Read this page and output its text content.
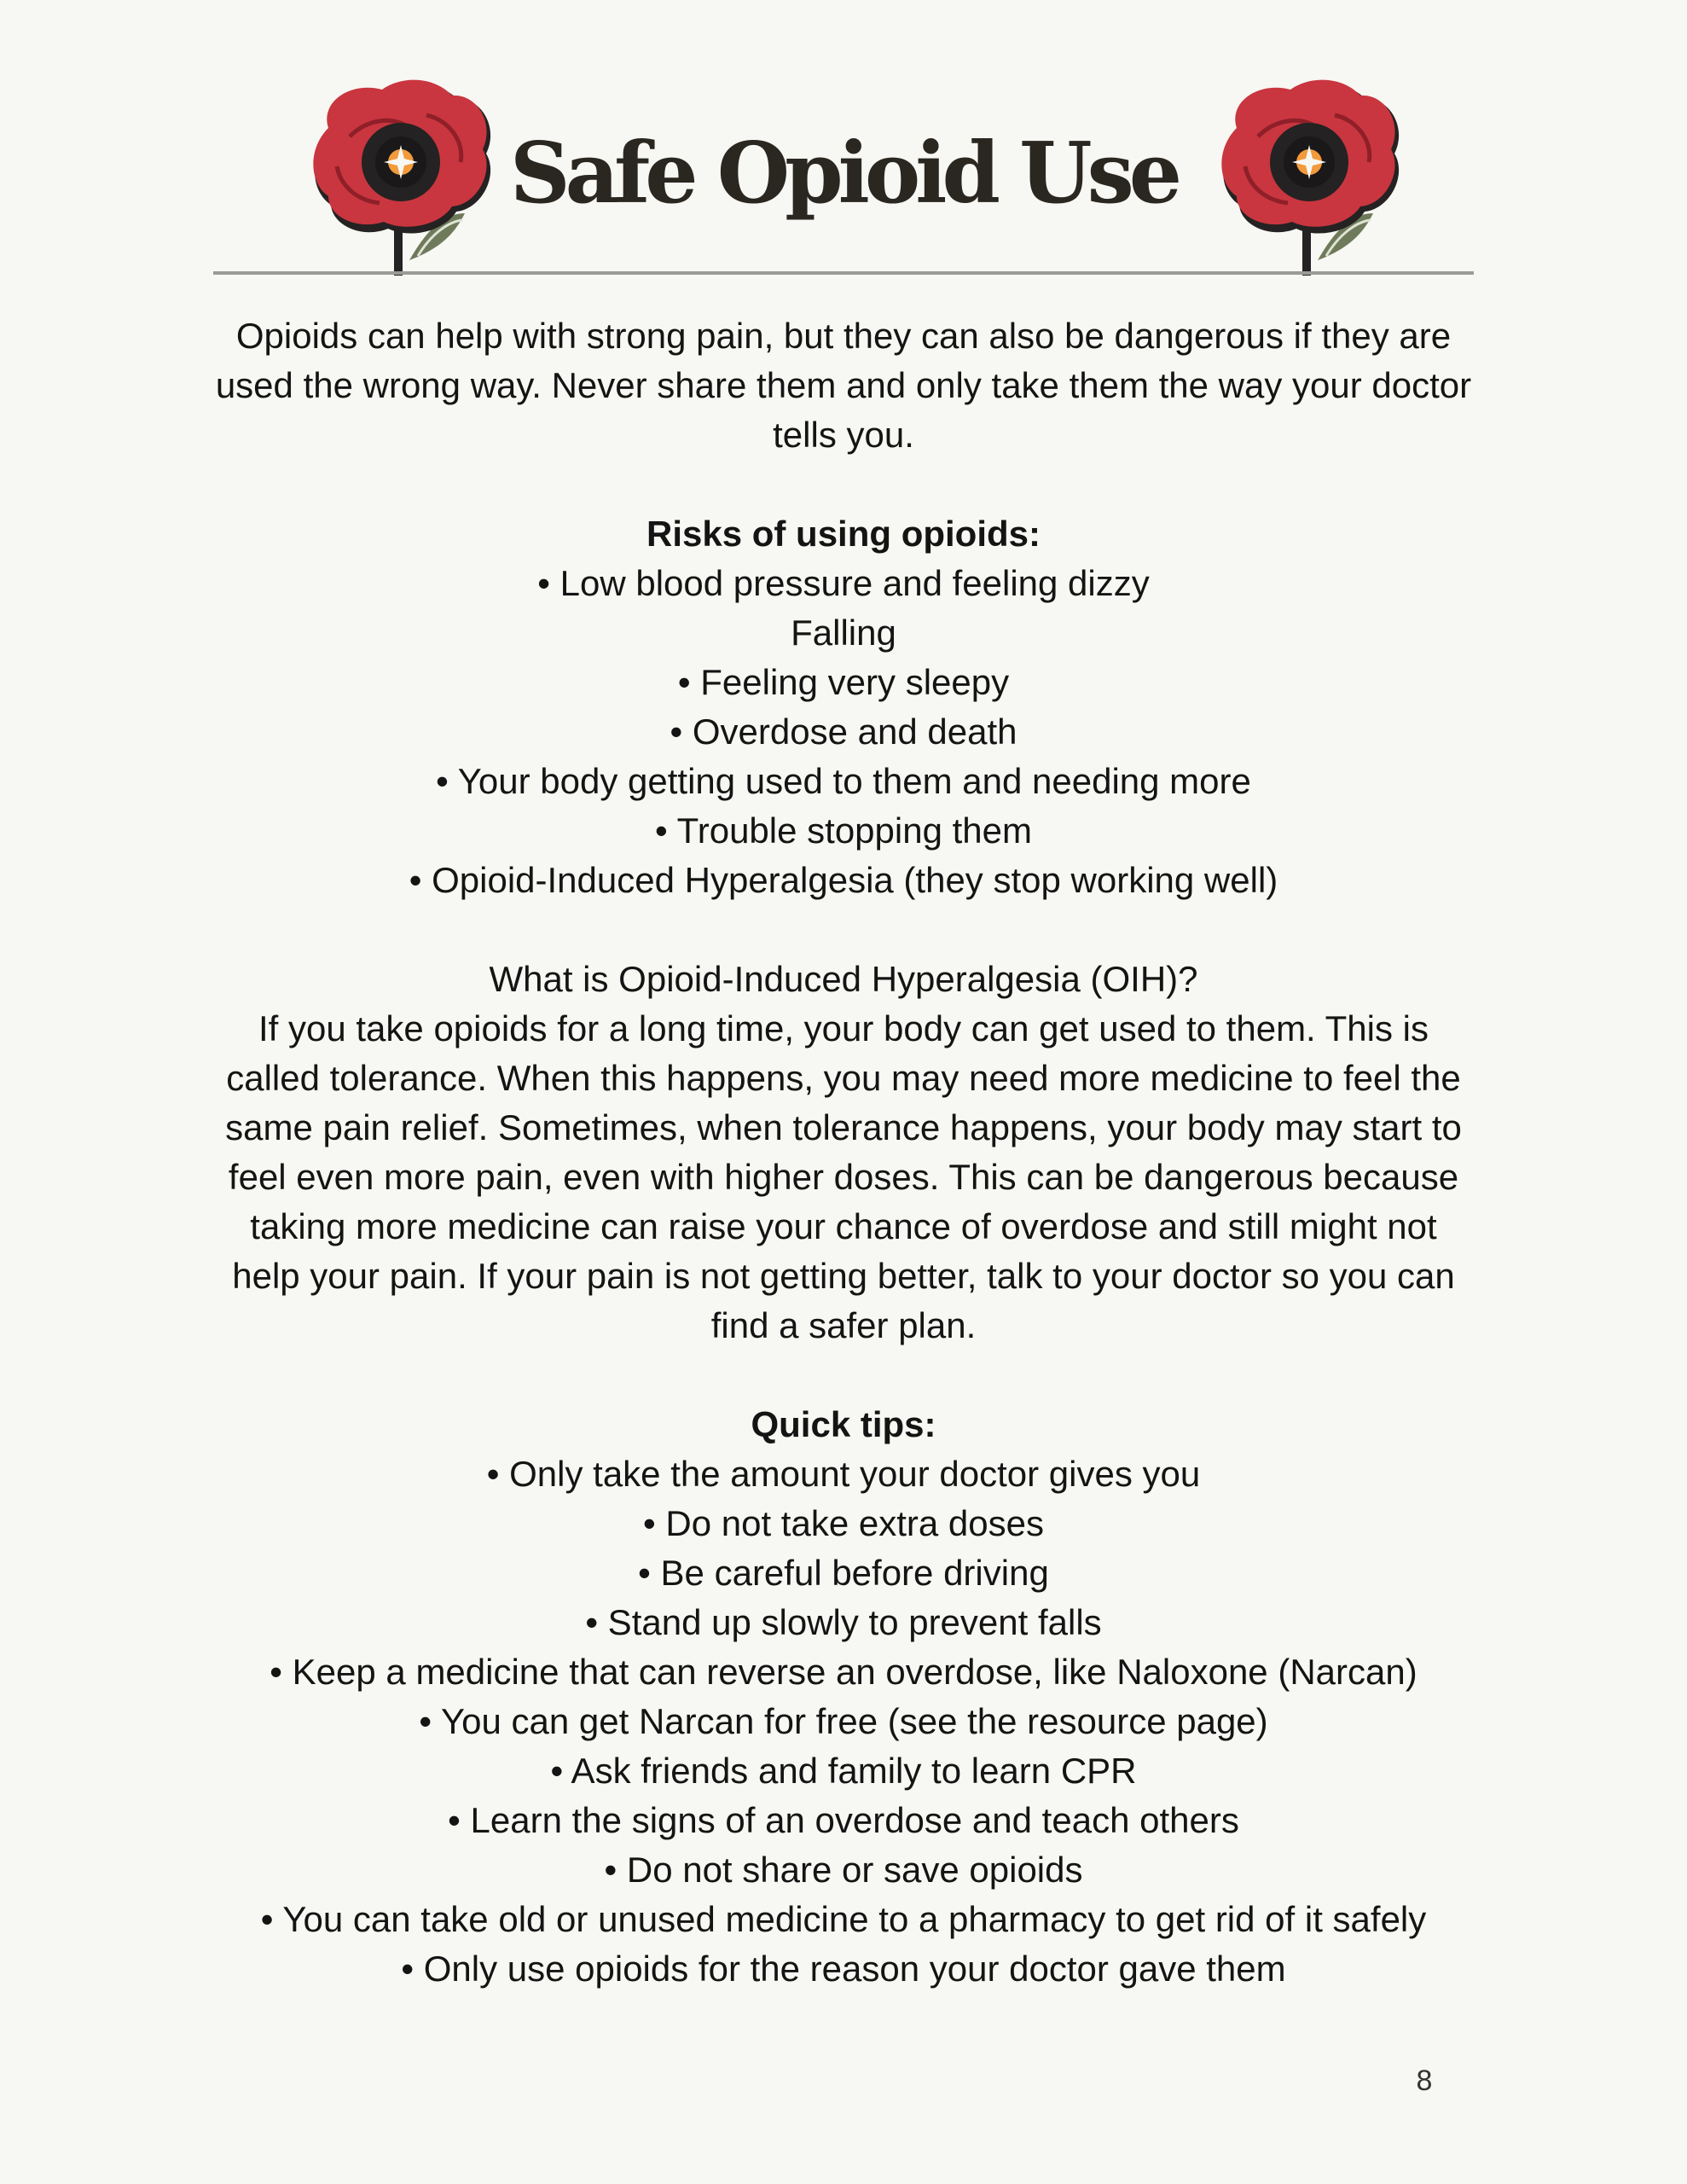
Safe Opioid Use

Opioids can help with strong pain, but they can also be dangerous if they are used the wrong way. Never share them and only take them the way your doctor tells you.

Risks of using opioids:

• Low blood pressure and feeling dizzy

Falling

• Feeling very sleepy

• Overdose and death

• Your body getting used to them and needing more

• Trouble stopping them

• Opioid-Induced Hyperalgesia (they stop working well)

What is Opioid-Induced Hyperalgesia (OIH)?

If you take opioids for a long time, your body can get used to them. This is called tolerance. When this happens, you may need more medicine to feel the same pain relief. Sometimes, when tolerance happens, your body may start to feel even more pain, even with higher doses. This can be dangerous because taking more medicine can raise your chance of overdose and still might not help your pain. If your pain is not getting better, talk to your doctor so you can find a safer plan.

Quick tips:

• Only take the amount your doctor gives you

• Do not take extra doses

• Be careful before driving

• Stand up slowly to prevent falls

• Keep a medicine that can reverse an overdose, like Naloxone (Narcan)

• You can get Narcan for free (see the resource page)

• Ask friends and family to learn CPR

• Learn the signs of an overdose and teach others

• Do not share or save opioids

• You can take old or unused medicine to a pharmacy to get rid of it safely

• Only use opioids for the reason your doctor gave them

8
